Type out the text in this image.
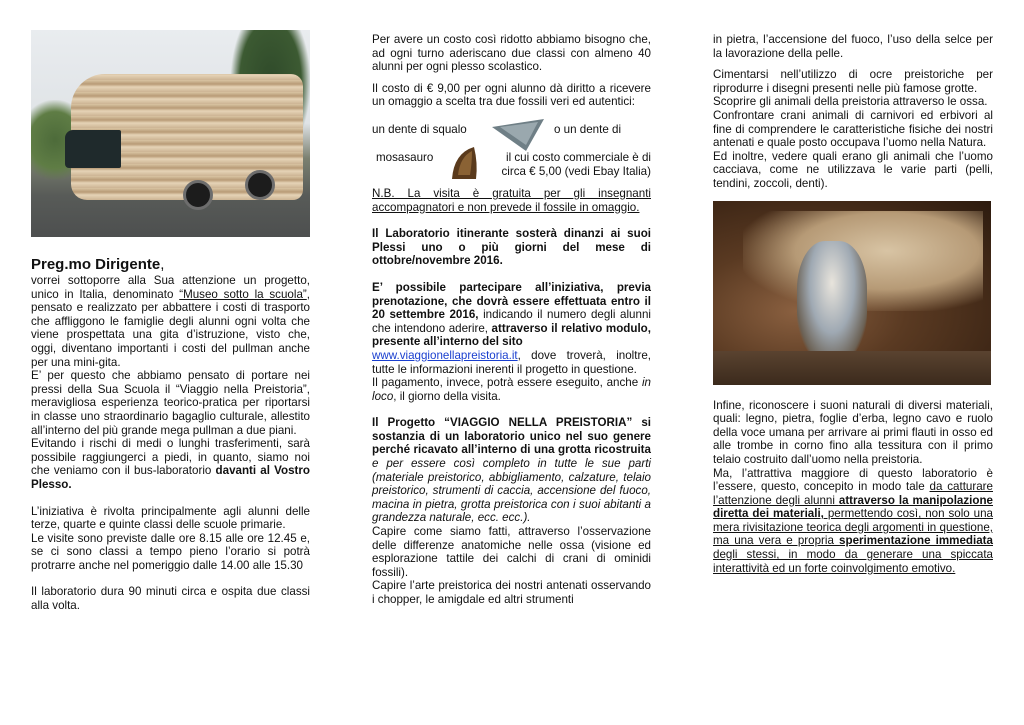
Preg.mo Dirigente,

vorrei sottoporre alla Sua attenzione un progetto, unico in Italia, denominato “Museo sotto la scuola”, pensato e realizzato per abbattere i costi di trasporto che affliggono le famiglie degli alunni ogni volta che viene prospettata una gita d’istruzione, visto che, oggi, diventano importanti i costi del pullman anche per una mini-gita.

E’ per questo che abbiamo pensato di portare nei pressi della Sua Scuola il “Viaggio nella Preistoria”, meravigliosa esperienza teorico-pratica per riportarsi in classe uno straordinario bagaglio culturale, allestito all’interno del più grande mega pullman a due piani.

Evitando i rischi di medi o lunghi trasferimenti, sarà possibile raggiungerci a piedi, in quanto, siamo noi che veniamo con il bus-laboratorio davanti al Vostro Plesso.

L’iniziativa è rivolta principalmente agli alunni delle terze, quarte e quinte classi delle scuole primarie.

Le visite sono previste dalle ore 8.15 alle ore 12.45 e, se ci sono classi a tempo pieno l’orario si potrà protrarre anche nel pomeriggio dalle 14.00 alle 15.30

Il laboratorio dura 90 minuti circa e ospita due classi alla volta.

Per avere un costo così ridotto abbiamo bisogno che, ad ogni turno aderiscano due classi con almeno 40 alunni per ogni plesso scolastico.

Il costo di € 9,00 per ogni alunno dà diritto a ricevere un omaggio a scelta tra due fossili veri ed autentici:

un dente di squalo	o un dente di
mosasauro	il cui costo commerciale è di circa € 5,00 (vedi Ebay Italia)

N.B. La visita è gratuita per gli insegnanti accompagnatori e non prevede il fossile in omaggio.

Il Laboratorio itinerante sosterà dinanzi ai suoi Plessi uno o più giorni del mese di ottobre/novembre 2016.

E’ possibile partecipare all’iniziativa, previa prenotazione, che dovrà essere effettuata entro il 20 settembre 2016, indicando il numero degli alunni che intendono aderire, attraverso il relativo modulo, presente all’interno del sito
www.viaggionellapreistoria.it, dove troverà, inoltre, tutte le informazioni inerenti il progetto in questione.

Il pagamento, invece, potrà essere eseguito, anche in loco, il giorno della visita.

Il Progetto “VIAGGIO NELLA PREISTORIA” si sostanzia di un laboratorio unico nel suo genere perché ricavato all’interno di una grotta ricostruita e per essere così completo in tutte le sue parti (materiale preistorico, abbigliamento, calzature, telaio preistorico, strumenti di caccia, accensione del fuoco, macina in pietra, grotta preistorica con i suoi abitanti a grandezza naturale, ecc. ecc.).

Capire come siamo fatti, attraverso l’osservazione delle differenze anatomiche nelle ossa (visione ed esplorazione tattile dei calchi di crani di ominidi fossili).

Capire l’arte preistorica dei nostri antenati osservando i chopper, le amigdale ed altri strumenti

in pietra, l’accensione del fuoco, l’uso della selce per la lavorazione della pelle.

Cimentarsi nell’utilizzo di ocre preistoriche per riprodurre i disegni presenti nelle più famose grotte.

Scoprire gli animali della preistoria attraverso le ossa.

Confrontare crani animali di carnivori ed erbivori al fine di comprendere le caratteristiche fisiche dei nostri antenati e quale posto occupava l’uomo nella Natura.

Ed inoltre, vedere quali erano gli animali che l’uomo cacciava, come ne utilizzava le varie parti (pelli, tendini, zoccoli, denti).

Infine, riconoscere i suoni naturali di diversi materiali, quali: legno, pietra, foglie d’erba, legno cavo e ruolo della voce umana per arrivare ai primi flauti in osso ed alle trombe in corno fino alla tessitura con il primo telaio costruito dall’uomo nella preistoria.

Ma, l’attrattiva maggiore di questo laboratorio è l’essere, questo, concepito in modo tale da catturare l’attenzione degli alunni attraverso la manipolazione diretta dei materiali, permettendo così, non solo una mera rivisitazione teorica degli argomenti in questione, ma una vera e propria sperimentazione immediata degli stessi, in modo da generare una spiccata interattività ed un forte coinvolgimento emotivo.
